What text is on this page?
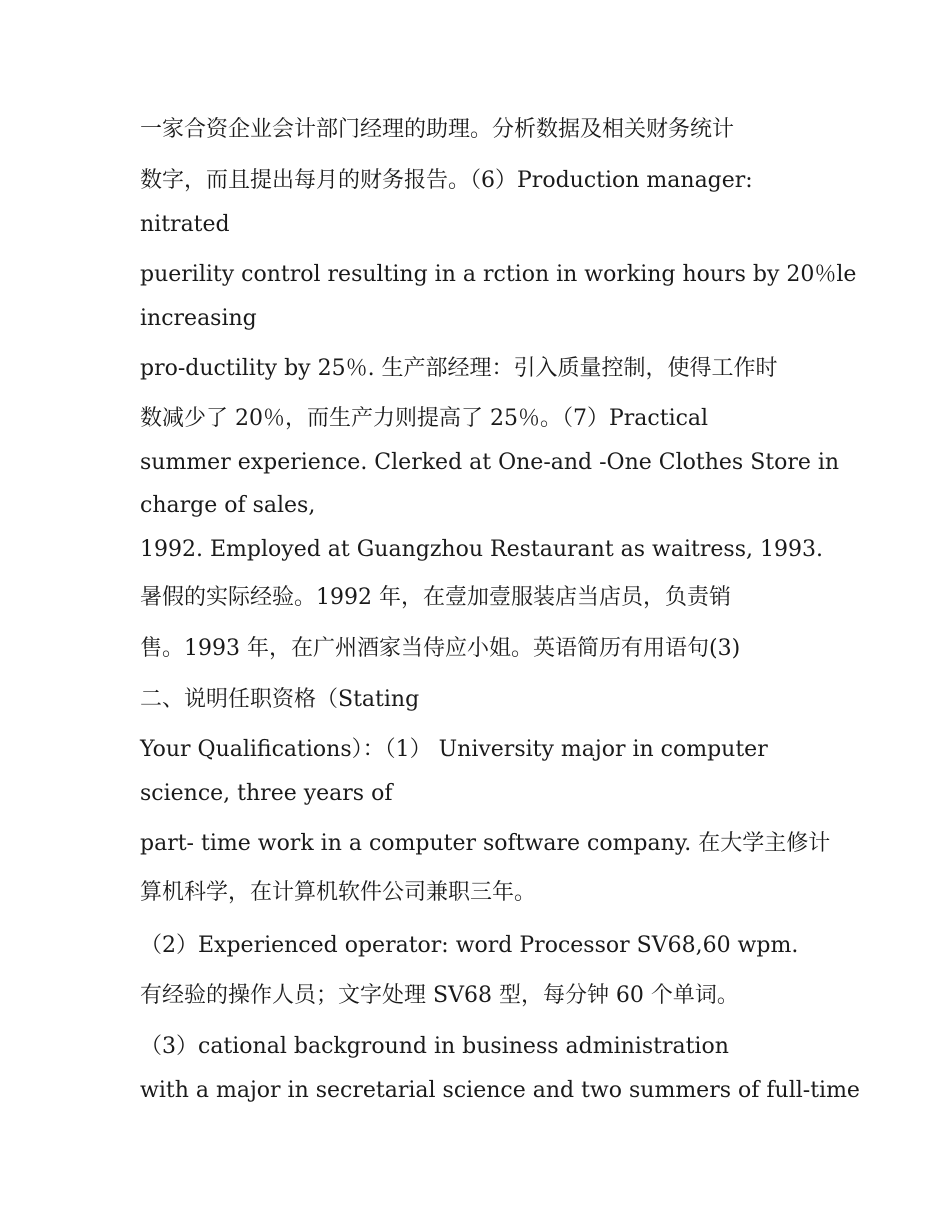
一家合资企业会计部门经理的助理。分析数据及相关财务统计
数字，而且提出每月的财务报告。（6）Production manager:
nitrated
puerility control resulting in a rction in working hours by 20％le
increasing
pro-ductility by 25％. 生产部经理：引入质量控制，使得工作时
数减少了 20％，而生产力则提高了 25％。（7）Practical
summer experience. Clerked at One-and -One Clothes Store in
charge of sales,
1992. Employed at Guangzhou Restaurant as waitress, 1993.
暑假的实际经验。1992 年，在壹加壹服装店当店员，负责销
售。1993 年，在广州酒家当侍应小姐。英语简历有用语句(3)
二、说明任职资格（Stating
Your Qualifications）：（1） University major in computer
science, three years of
part- time work in a computer software company. 在大学主修计
算机科学，在计算机软件公司兼职三年。
（2）Experienced operator: word Processor SV68,60 wpm.
有经验的操作人员；文字处理 SV68 型，每分钟 60 个单词。
（3）cational background in business administration
with a major in secretarial science and two summers of full-time
